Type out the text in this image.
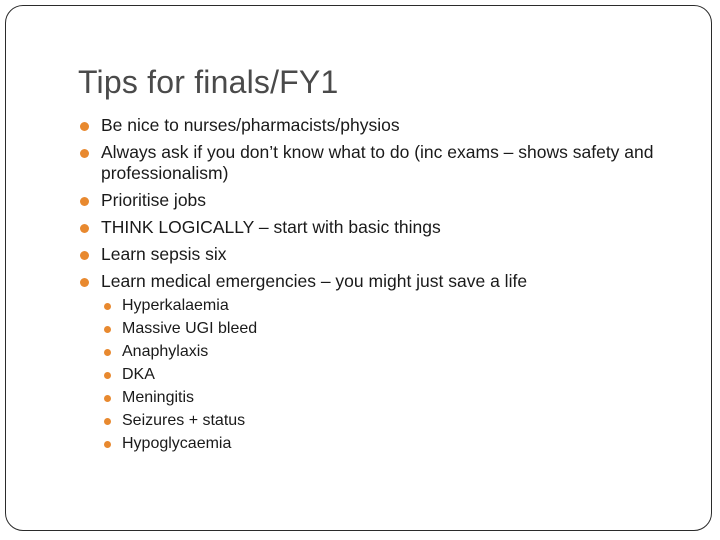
Tips for finals/FY1
Be nice to nurses/pharmacists/physios
Always ask if you don’t know what to do (inc exams – shows safety and professionalism)
Prioritise jobs
THINK LOGICALLY – start with basic things
Learn sepsis six
Learn medical emergencies – you might just save a life
Hyperkalaemia
Massive UGI bleed
Anaphylaxis
DKA
Meningitis
Seizures + status
Hypoglycaemia
